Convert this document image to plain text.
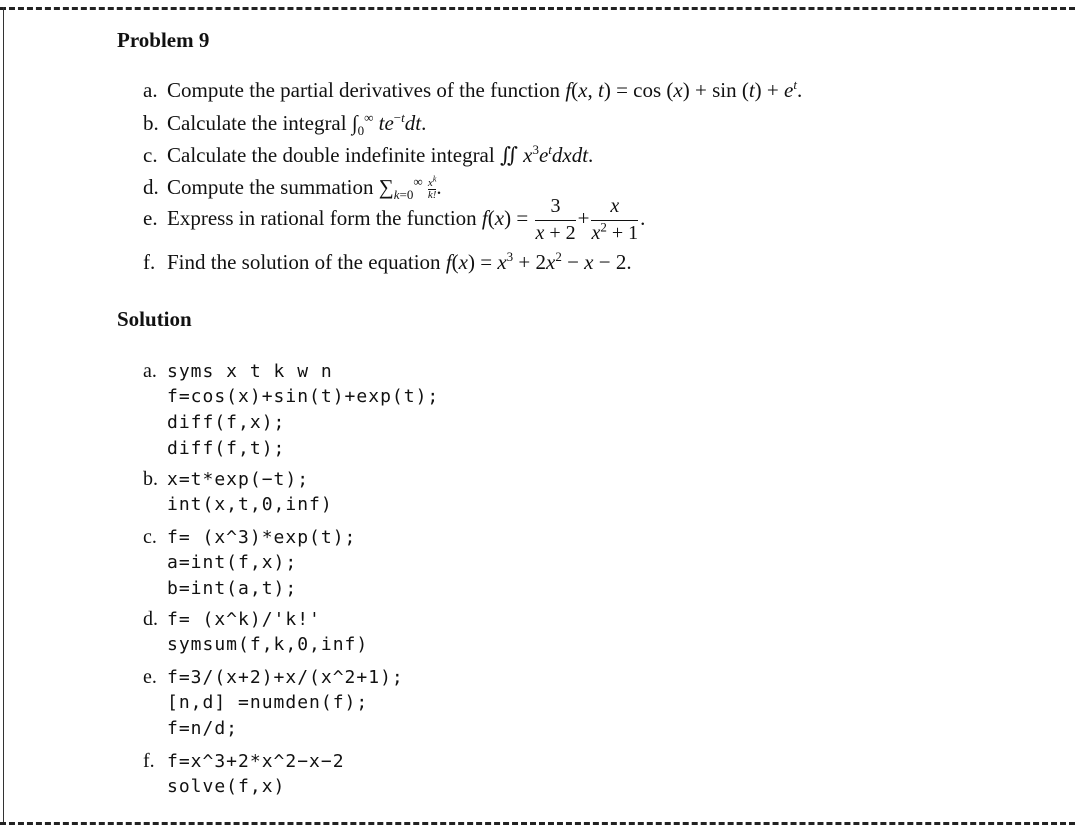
Problem 9
a. Compute the partial derivatives of the function f(x, $t) = \cos (x) + \sin (t) + e^t$.
b. Calculate the integral $\int_0^\infty$ $te^{-t}dt$.
c. Calculate the double indefinite integral ∬ $x^3e^tdxdt$.
d. Compute the summation $\sum_{k=0}^\infty \frac{x^k}{k!}$ .
e. Express in rational form the function $f(x) = \frac{3}{x + 2} + \frac{x}{x^2 + 1}$ .
f. Find the solution of the equation $f(x) = x^3 + 2x^2 - x - 2$.
Solution
a. syms x t k w n
f=cos(x)+sin(t)+exp(t);
diff(f,x);
diff(f,t);
b. x=t*exp(−t);
int(x,t,0,inf)
c. f= (x^3)*exp(t);
a=int(f,x);
b=int(a,t);
d. f= (x^k)/'k!'
symsum(f,k,0,inf)
e. f=3/(x+2)+x/(x^2+1);
[n,d] =numden(f);
f=n/d;
f. f=x^3+2*x^2−x−2
solve(f,x)
